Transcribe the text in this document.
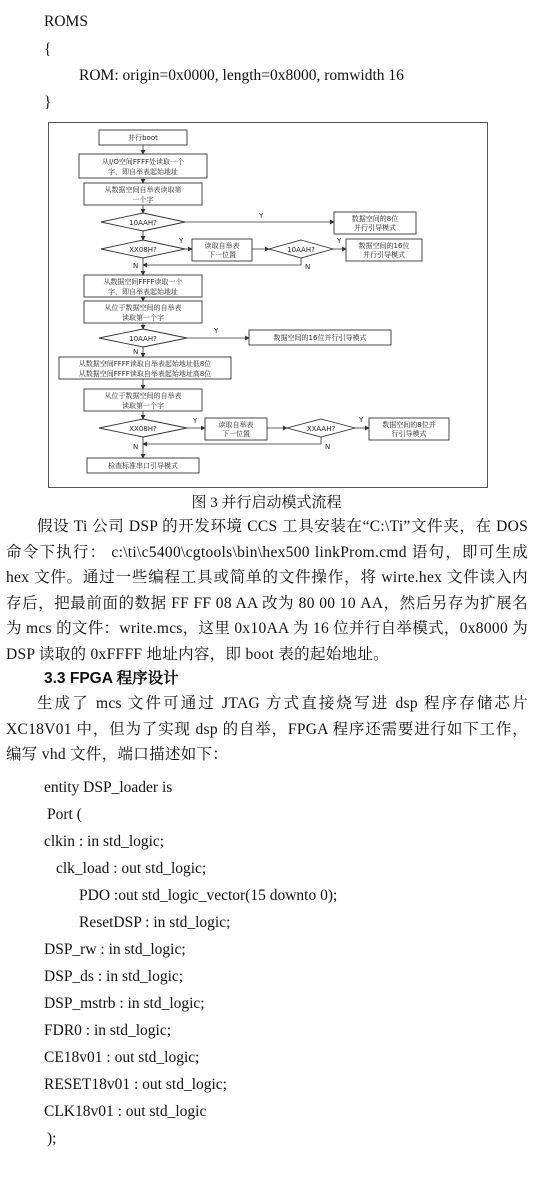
ROMS
{
ROM: origin=0x0000, length=0x8000, romwidth 16
}
并行boot
从I/O空间FFFF处读取一个
字，即自举表起始地址
从数据空间自举表读取第
一个字
10AAH?
Y	数据空间的8位
并行引导模式
XX08H?
Y
读取自举表
下一位置
10AAH?
Y
数据空间的16位
并行引导模式
N
N
从数据空间FFFF读取一个
字，即自举表起始地址
从位于数据空间的自举表
读取第一个字
10AAH?
Y
数据空间的16位并行引导模式
N
从数据空间FFFF读取自举表起始地址低8位
从数据空间FFFF读取自举表起始地址高8位
从位于数据空间的自举表
读取第一个字
XX08H?
Y	读取自举表
下一位置
XXAAH?
Y
数据空间的8位并
行引导模式
N
N
检查标准串口引导模式
图 3 并行启动模式流程
假设 Ti 公司 DSP 的开发环境 CCS 工具安装在“C:\Ti”文件夹，在 DOS 命令下执行： c:\ti\c5400\cgtools\bin\hex500 linkProm.cmd 语句，即可生成 hex 文件。通过一些编程工具或简单的文件操作，将 wirte.hex 文件读入内存后，把最前面的数据 FF FF 08 AA 改为 80 00 10 AA，然后另存为扩展名为 mcs 的文件：write.mcs，这里 0x10AA 为 16 位并行自举模式，0x8000 为 DSP 读取的 0xFFFF 地址内容，即 boot 表的起始地址。
3.3 FPGA 程序设计
生成了 mcs 文件可通过 JTAG 方式直接烧写进 dsp 程序存储芯片 XC18V01 中，但为了实现 dsp 的自举，FPGA 程序还需要进行如下工作，编写 vhd 文件，端口描述如下：
entity DSP_loader is
Port (
clkin : in std_logic;
clk_load : out std_logic;
PDO :out std_logic_vector(15 downto 0);
ResetDSP : in std_logic;
DSP_rw : in std_logic;
DSP_ds : in std_logic;
DSP_mstrb : in std_logic;
FDR0 : in std_logic;
CE18v01 : out std_logic;
RESET18v01 : out std_logic;
CLK18v01 : out std_logic
);
